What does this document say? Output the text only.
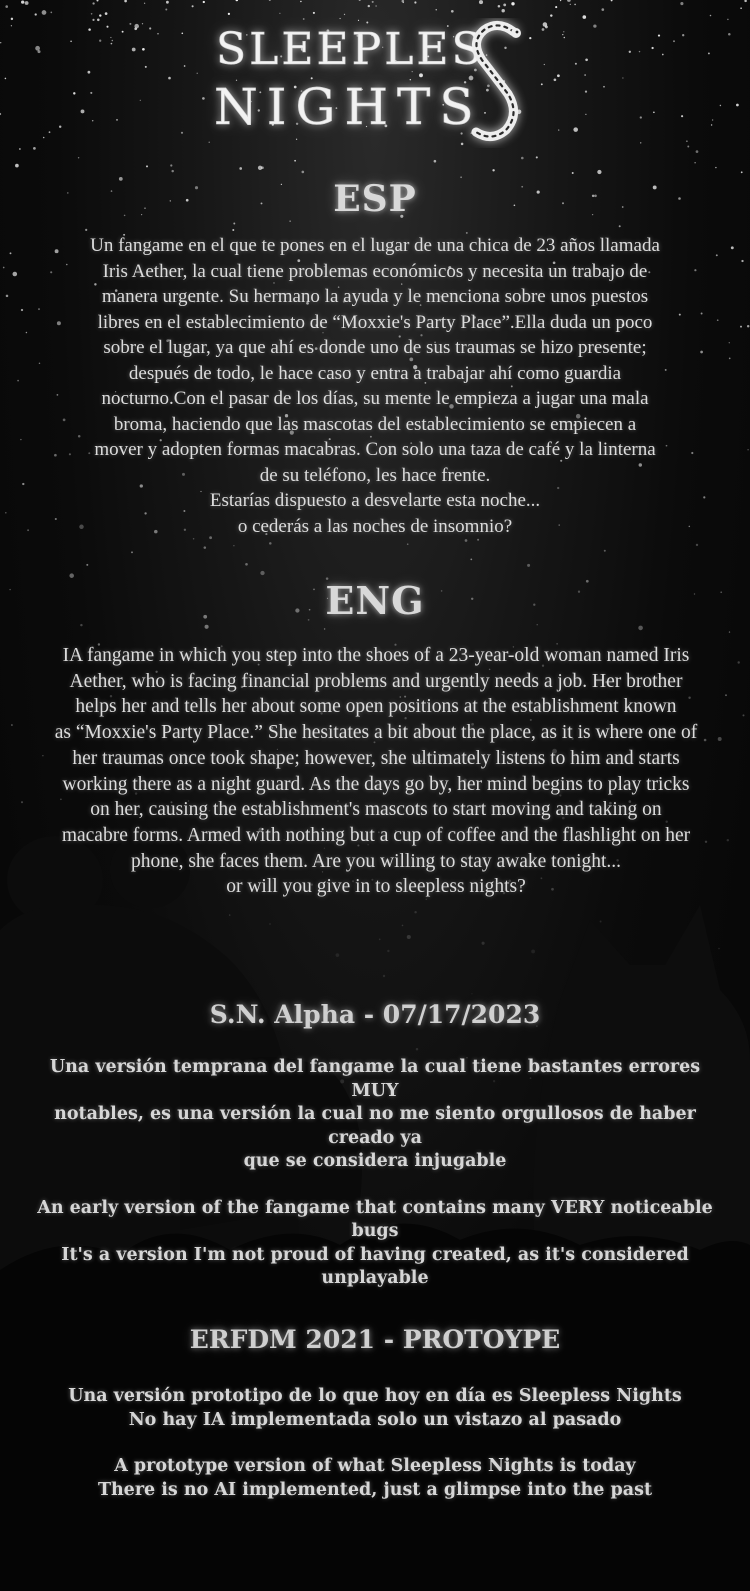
SLEEPLES
NIGHTS
ESP

Un fangame en el que te pones en el lugar de una chica de 23 años llamada

Iris Aether, la cual tiene problemas económicos y necesita un trabajo de

manera urgente. Su hermano la ayuda y le menciona sobre unos puestos

libres en el establecimiento de “Moxxie's Party Place”.Ella duda un poco

sobre el lugar, ya que ahí es donde uno de sus traumas se hizo presente;

después de todo, le hace caso y entra a trabajar ahí como guardia

nocturno.Con el pasar de los días, su mente le empieza a jugar una mala

broma, haciendo que las mascotas del establecimiento se empiecen a

mover y adopten formas macabras. Con solo una taza de café y la linterna

de su teléfono, les hace frente.

Estarías dispuesto a desvelarte esta noche...

o cederás a las noches de insomnio?

ENG

IA fangame in which you step into the shoes of a 23-year-old woman named Iris

Aether, who is facing financial problems and urgently needs a job. Her brother

helps her and tells her about some open positions at the establishment known

as “Moxxie's Party Place.” She hesitates a bit about the place, as it is where one of

her traumas once took shape; however, she ultimately listens to him and starts

working there as a night guard. As the days go by, her mind begins to play tricks

on her, causing the establishment's mascots to start moving and taking on

macabre forms. Armed with nothing but a cup of coffee and the flashlight on her

phone, she faces them. Are you willing to stay awake tonight...

or will you give in to sleepless nights?

S.N. Alpha - 07/17/2023

Una versión temprana del fangame la cual tiene bastantes errores MUY

notables, es una versión la cual no me siento orgullosos de haber creado ya

que se considera injugable

An early version of the fangame that contains many VERY noticeable bugs

It's a version I'm not proud of having created, as it's considered

unplayable

ERFDM 2021 - PROTOYPE

Una versión prototipo de lo que hoy en día es Sleepless Nights

No hay IA implementada solo un vistazo al pasado

A prototype version of what Sleepless Nights is today

There is no AI implemented, just a glimpse into the past
